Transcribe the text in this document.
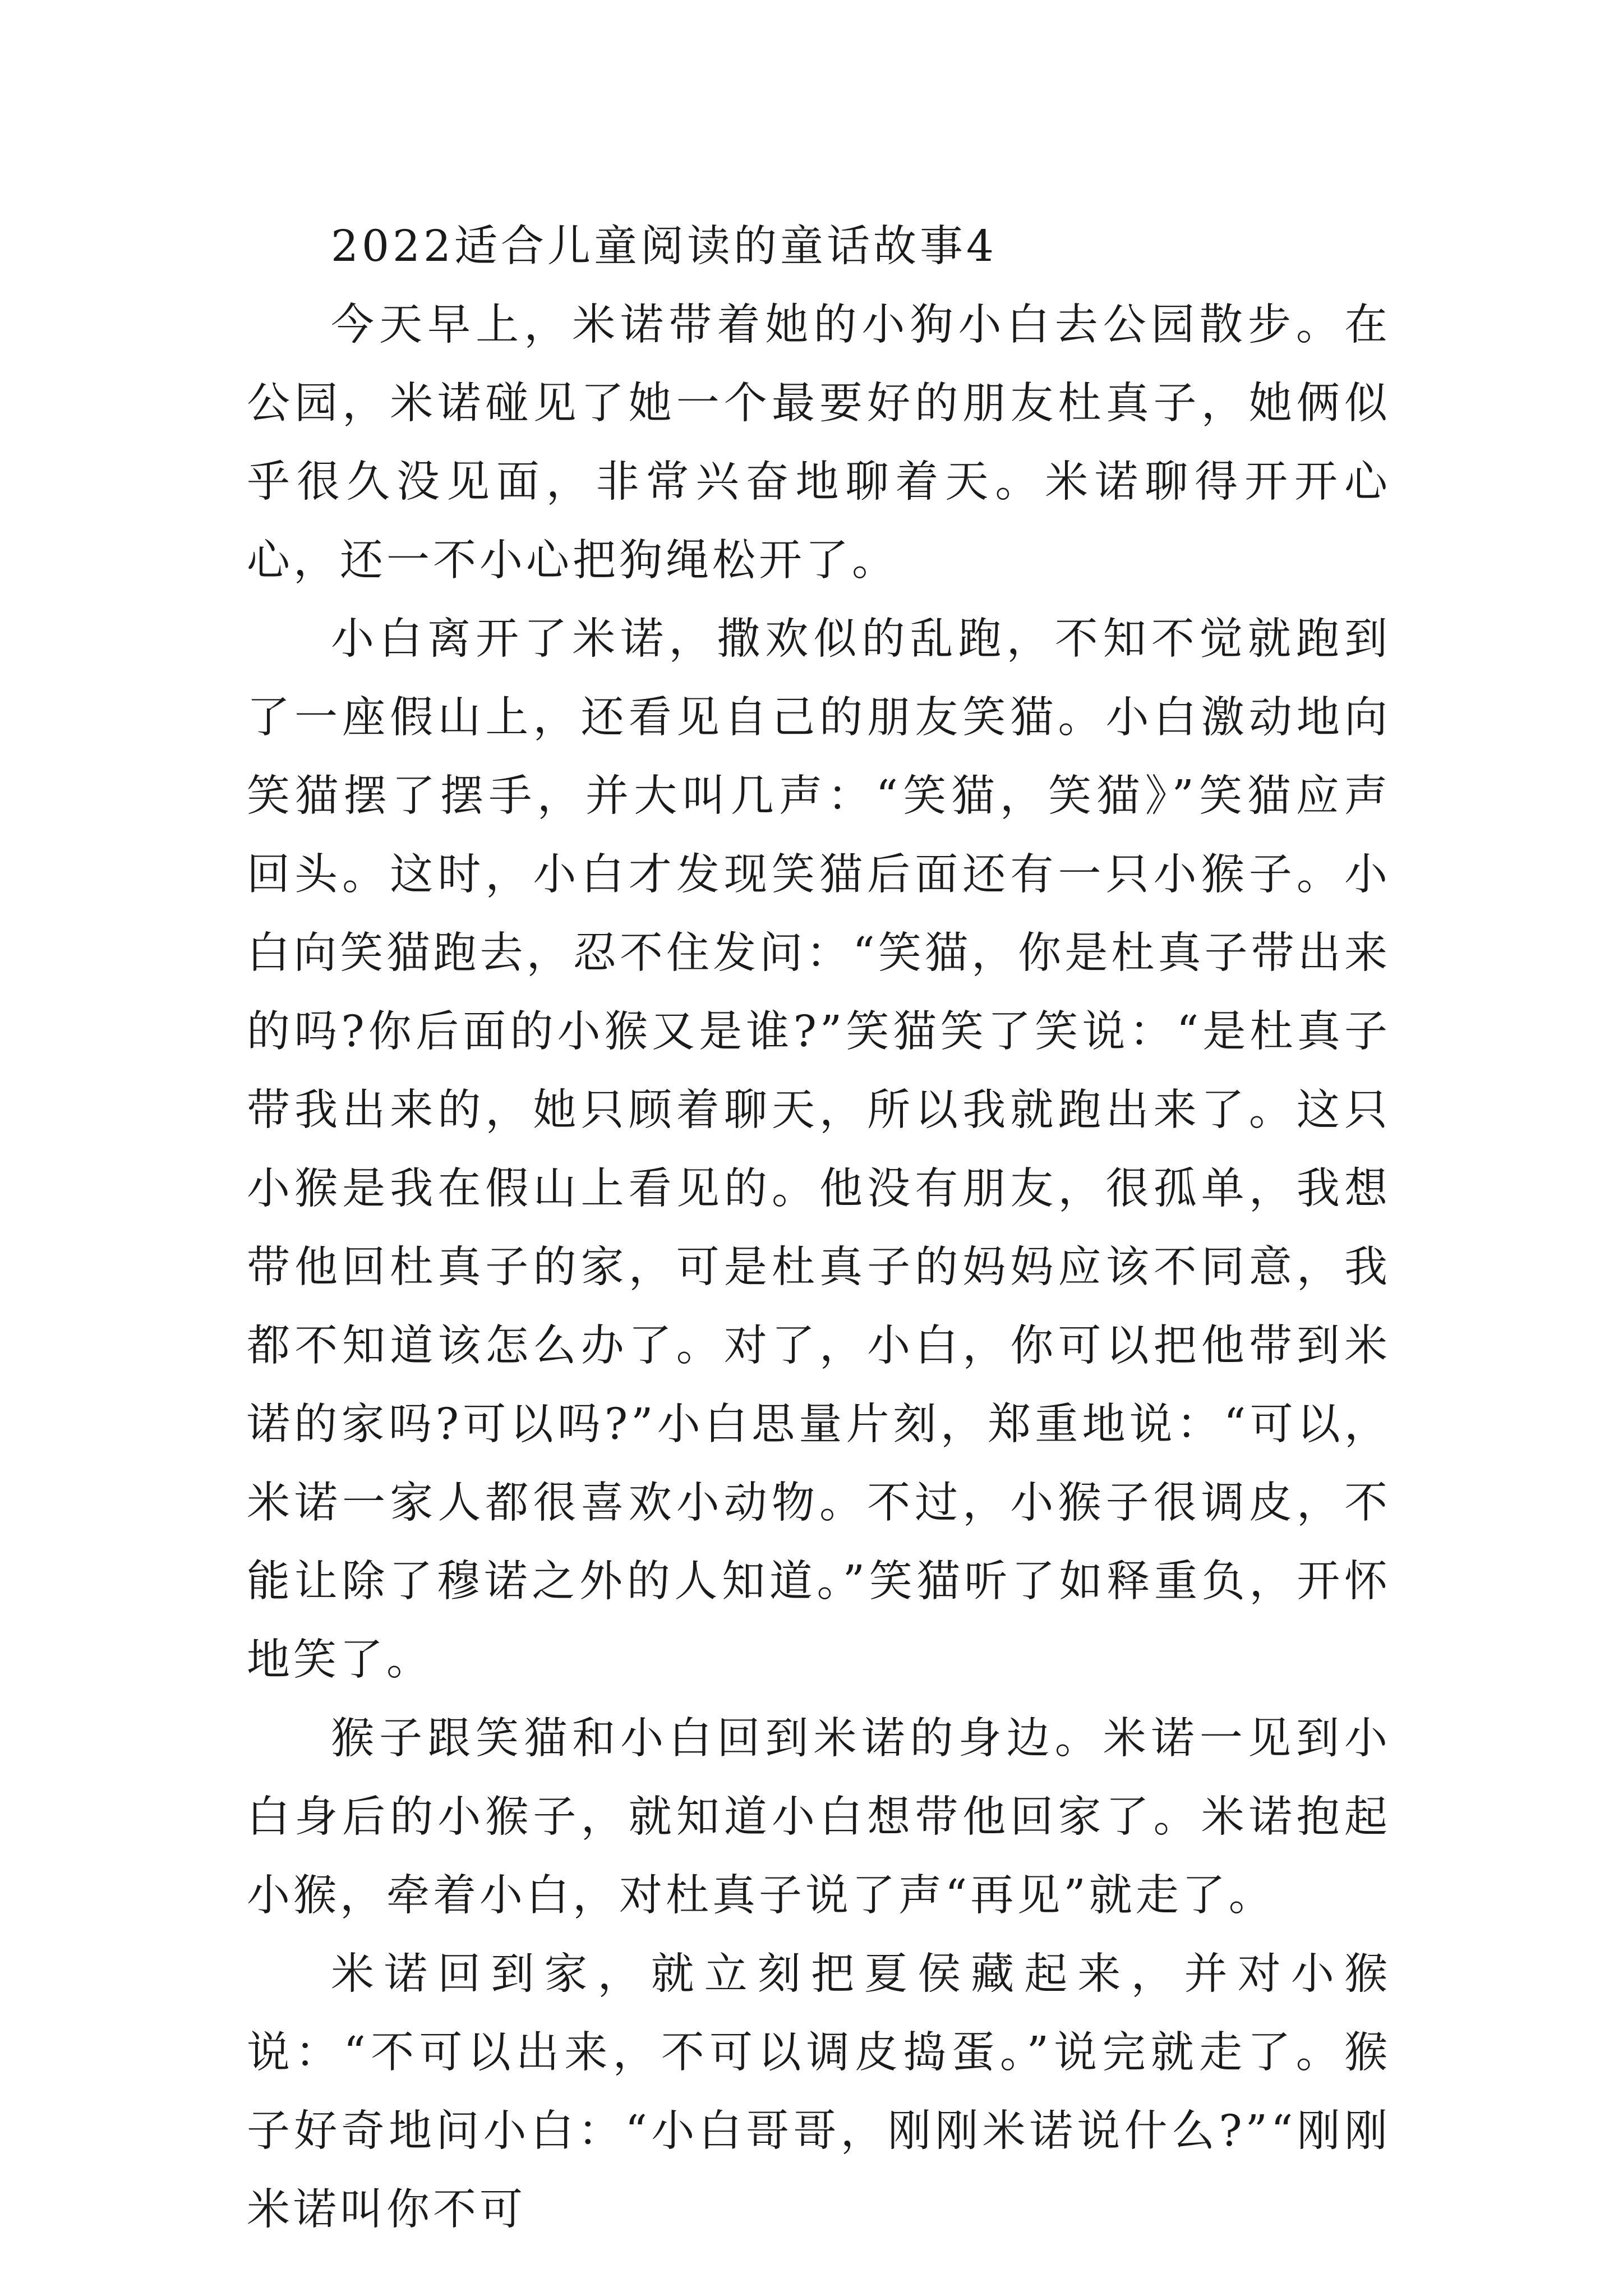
2022适合儿童阅读的童话故事4

今天早上，米诺带着她的小狗小白去公园散步。在公园，米诺碰见了她一个最要好的朋友杜真子，她俩似乎很久没见面，非常兴奋地聊着天。米诺聊得开开心心，还一不小心把狗绳松开了。

小白离开了米诺，撒欢似的乱跑，不知不觉就跑到了一座假山上，还看见自己的朋友笑猫。小白激动地向笑猫摆了摆手，并大叫几声：“笑猫，笑猫》”笑猫应声回头。这时，小白才发现笑猫后面还有一只小猴子。小白向笑猫跑去，忍不住发问：“笑猫，你是杜真子带出来的吗?你后面的小猴又是谁?”笑猫笑了笑说：“是杜真子带我出来的，她只顾着聊天，所以我就跑出来了。这只小猴是我在假山上看见的。他没有朋友，很孤单，我想带他回杜真子的家，可是杜真子的妈妈应该不同意，我都不知道该怎么办了。对了，小白，你可以把他带到米诺的家吗?可以吗?”小白思量片刻，郑重地说：“可以，米诺一家人都很喜欢小动物。不过，小猴子很调皮，不能让除了穆诺之外的人知道。”笑猫听了如释重负，开怀地笑了。

猴子跟笑猫和小白回到米诺的身边。米诺一见到小白身后的小猴子，就知道小白想带他回家了。米诺抱起小猴，牵着小白，对杜真子说了声“再见”就走了。

米诺回到家，就立刻把夏侯藏起来，并对小猴说：“不可以出来，不可以调皮捣蛋。”说完就走了。猴子好奇地问小白：“小白哥哥，刚刚米诺说什么?”“刚刚米诺叫你不可
